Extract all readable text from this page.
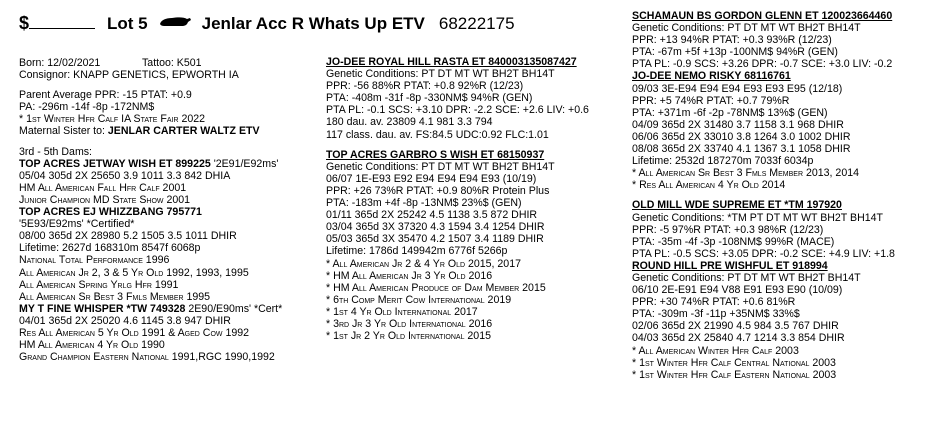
$	Lot 5	Jenlar Acc R Whats Up ETV 68222175
Born: 12/02/2021	Tattoo: K501
Consignor: KNAPP GENETICS, EPWORTH IA
Parent Average PPR: -15 PTAT: +0.9
PA: -296m -14f -8p -172NM$
* 1st Winter Hfr Calf IA State Fair 2022
Maternal Sister to: JENLAR CARTER WALTZ ETV
3rd - 5th Dams:
TOP ACRES JETWAY WISH ET 899225 '2E91/E92ms'
05/04 305d 2X 25650 3.9 1011 3.3 842 DHIA
HM All American Fall Hfr Calf 2001
Junior Champion MD State Show 2001
TOP ACRES EJ WHIZZBANG 795771
'5E93/E92ms' *Certified*
08/00 365d 2X 28980 5.2 1505 3.5 1011 DHIR
Lifetime: 2627d 168310m 8547f 6068p
National Total Performance 1996
All American Jr 2, 3 & 5 Yr Old 1992, 1993, 1995
All American Spring Yrlg Hfr 1991
All American Sr Best 3 Fmls Member 1995
MY T FINE WHISPER *TW 749328 2E90/E90ms' *Cert*
04/01 365d 2X 25020 4.6 1145 3.8 947 DHIR
Res All American 5 Yr Old 1991 & Aged Cow 1992
HM All American 4 Yr Old 1990
Grand Champion Eastern National 1991,RGC 1990,1992
JO-DEE ROYAL HILL RASTA ET 840003135087427
Genetic Conditions: PT DT MT WT BH2T BH14T
PPR: -56 88%R PTAT: +0.8 92%R (12/23)
PTA: -408m -31f -8p -330NM$ 94%R (GEN)
PTA PL: -0.1 SCS: +3.10 DPR: -2.2 SCE: +2.6 LIV: +0.6
180 dau. av. 23809 4.1 981 3.3 794
117 class. dau. av. FS:84.5 UDC:0.92 FLC:1.01
TOP ACRES GARBRO S WISH ET 68150937
Genetic Conditions: PT DT MT WT BH2T BH14T
06/07 1E-E93 E92 E94 E94 E94 E93 (10/19)
PPR: +26 73%R PTAT: +0.9 80%R Protein Plus
PTA: -183m +4f -8p -13NM$ 23%$ (GEN)
01/11 365d 2X 25242 4.5 1138 3.5 872 DHIR
03/04 365d 3X 37320 4.3 1594 3.4 1254 DHIR
05/03 365d 3X 35470 4.2 1507 3.4 1189 DHIR
Lifetime: 1786d 149942m 6776f 5266p
* All American Jr 2 & 4 Yr Old 2015, 2017
* HM All American Jr 3 Yr Old 2016
* HM All American Produce of Dam Member 2015
* 6th Comp Merit Cow International 2019
* 1st 4 Yr Old International 2017
* 3rd Jr 3 Yr Old International 2016
* 1st Jr 2 Yr Old International 2015
SCHAMAUN BS GORDON GLENN ET 120023664460
Genetic Conditions: PT DT MT WT BH2T BH14T
PPR: +13 94%R PTAT: +0.3 93%R (12/23)
PTA: -67m +5f +13p -100NM$ 94%R (GEN)
PTA PL: -0.9 SCS: +3.26 DPR: -0.7 SCE: +3.0 LIV: -0.2
JO-DEE NEMO RISKY 68116761
09/03 3E-E94 E94 E94 E93 E93 E95 (12/18)
PPR: +5 74%R PTAT: +0.7 79%R
PTA: +371m -6f -2p -78NM$ 13%$ (GEN)
04/09 365d 2X 31480 3.7 1158 3.1 968 DHIR
06/06 365d 2X 33010 3.8 1264 3.0 1002 DHIR
08/08 365d 2X 33740 4.1 1367 3.1 1058 DHIR
Lifetime: 2532d 187270m 7033f 6034p
* All American Sr Best 3 Fmls Member 2013, 2014
* Res All American 4 Yr Old 2014
OLD MILL WDE SUPREME ET *TM 197920
Genetic Conditions: *TM PT DT MT WT BH2T BH14T
PPR: -5 97%R PTAT: +0.3 98%R (12/23)
PTA: -35m -4f -3p -108NM$ 99%R (MACE)
PTA PL: -0.5 SCS: +3.05 DPR: -0.2 SCE: +4.9 LIV: +1.8
ROUND HILL PRE WISHFUL ET 918994
Genetic Conditions: PT DT MT WT BH2T BH14T
06/10 2E-E91 E94 V88 E91 E93 E90 (10/09)
PPR: +30 74%R PTAT: +0.6 81%R
PTA: -309m -3f -11p +35NM$ 33%$
02/06 365d 2X 21990 4.5 984 3.5 767 DHIR
04/03 365d 2X 25840 4.7 1214 3.3 854 DHIR
* All American Winter Hfr Calf 2003
* 1st Winter Hfr Calf Central National 2003
* 1st Winter Hfr Calf Eastern National 2003
